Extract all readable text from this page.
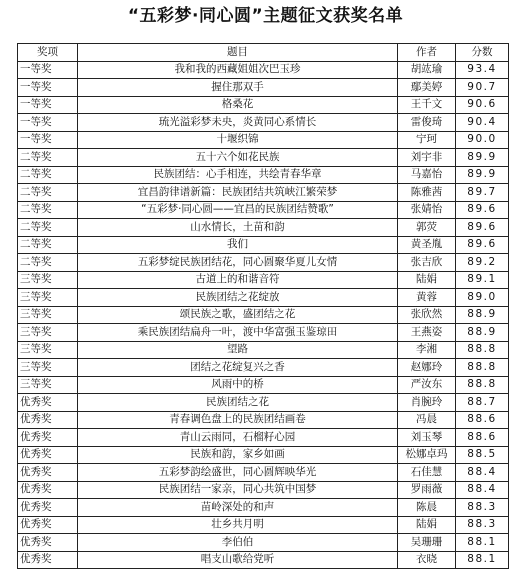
“五彩梦·同心圆”主题征文获奖名单
奖项	题目	作者	分数
一等奖	我和我的西藏姐姐次巴玉珍	胡竑瑜	93.4
一等奖	握住那双手	鄢美婷	90.7
一等奖	格桑花	王千文	90.6
一等奖	琉光溢彩梦未央，炎黄同心系情长	雷俊琦	90.4
一等奖	十堰织锦	宁珂	90.0
二等奖	五十六个如花民族	刘宇非	89.9
二等奖	民族团结：心手相连，共绘青春华章	马嘉怡	89.9
二等奖	宜昌韵律谱新篇：民族团结共筑峡江繁荣梦	陈雅茜	89.7
二等奖	“五彩梦·同心圆——宜昌的民族团结赞歌”	张婧怡	89.6
二等奖	山水情长，土苗和韵	郭荧	89.6
二等奖	我们	黄圣胤	89.6
二等奖	五彩梦绽民族团结花，同心圆聚华夏儿女情	张吉欣	89.2
三等奖	古道上的和谐音符	陆娟	89.1
三等奖	民族团结之花绽放	黄蓉	89.0
三等奖	颂民族之歌，盛团结之花	张欣然	88.9
三等奖	乘民族团结扁舟一叶，渡中华富强玉鉴琼田	王燕姿	88.9
三等奖	望路	李湘	88.8
三等奖	团结之花绽复兴之香	赵娜玲	88.8
三等奖	风雨中的桥	严汝东	88.8
优秀奖	民族团结之花	肖腕玲	88.7
优秀奖	青春调色盘上的民族团结画卷	冯晨	88.6
优秀奖	青山云雨同，石榴籽心园	刘玉琴	88.6
优秀奖	民族和韵，家乡如画	松娜卓玛	88.5
优秀奖	五彩梦韵绘盛世，同心圆辉映华光	石佳慧	88.4
优秀奖	民族团结一家亲，同心共筑中国梦	罗雨薇	88.4
优秀奖	苗岭深处的和声	陈晨	88.3
优秀奖	壮乡共月明	陆娟	88.3
优秀奖	李伯伯	吴珊珊	88.1
优秀奖	唱支山歌给党听	衣晓	88.1
